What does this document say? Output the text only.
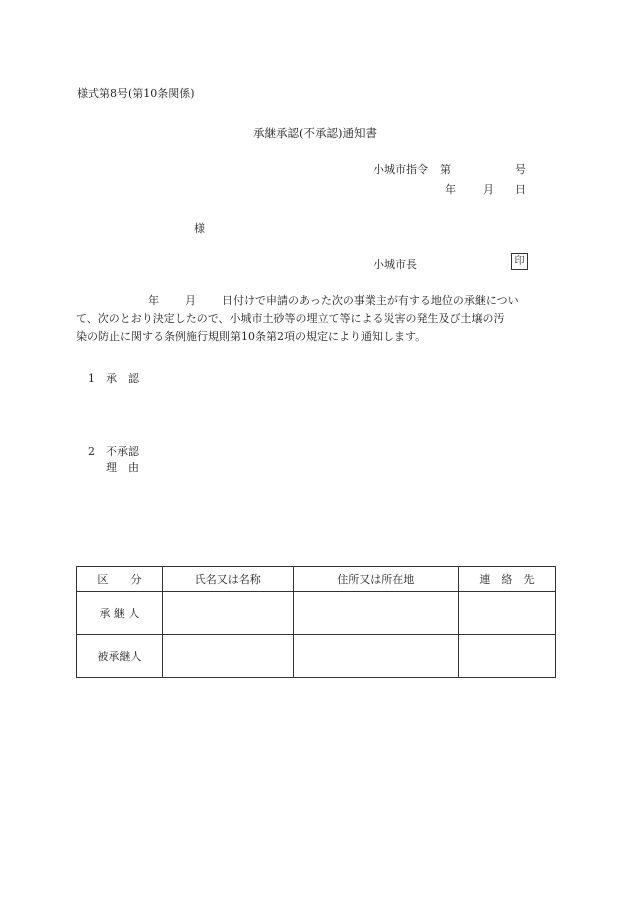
様式第8号(第10条関係)
承継承認(不承認)通知書
小城市指令 第	号
年 月 日
様
小城市長	印
年 月 日付けで申請のあった次の事業主が有する地位の承継につい
て、次のとおり決定したので、小城市土砂等の埋立て等による災害の発生及び土壌の汚
染の防止に関する条例施行規則第10条第2項の規定により通知します。
1　承　認
2　不承認
理　由
区　　分	氏名又は名称	住所又は所在地	連　絡　先
承 継 人			
被承継人			
